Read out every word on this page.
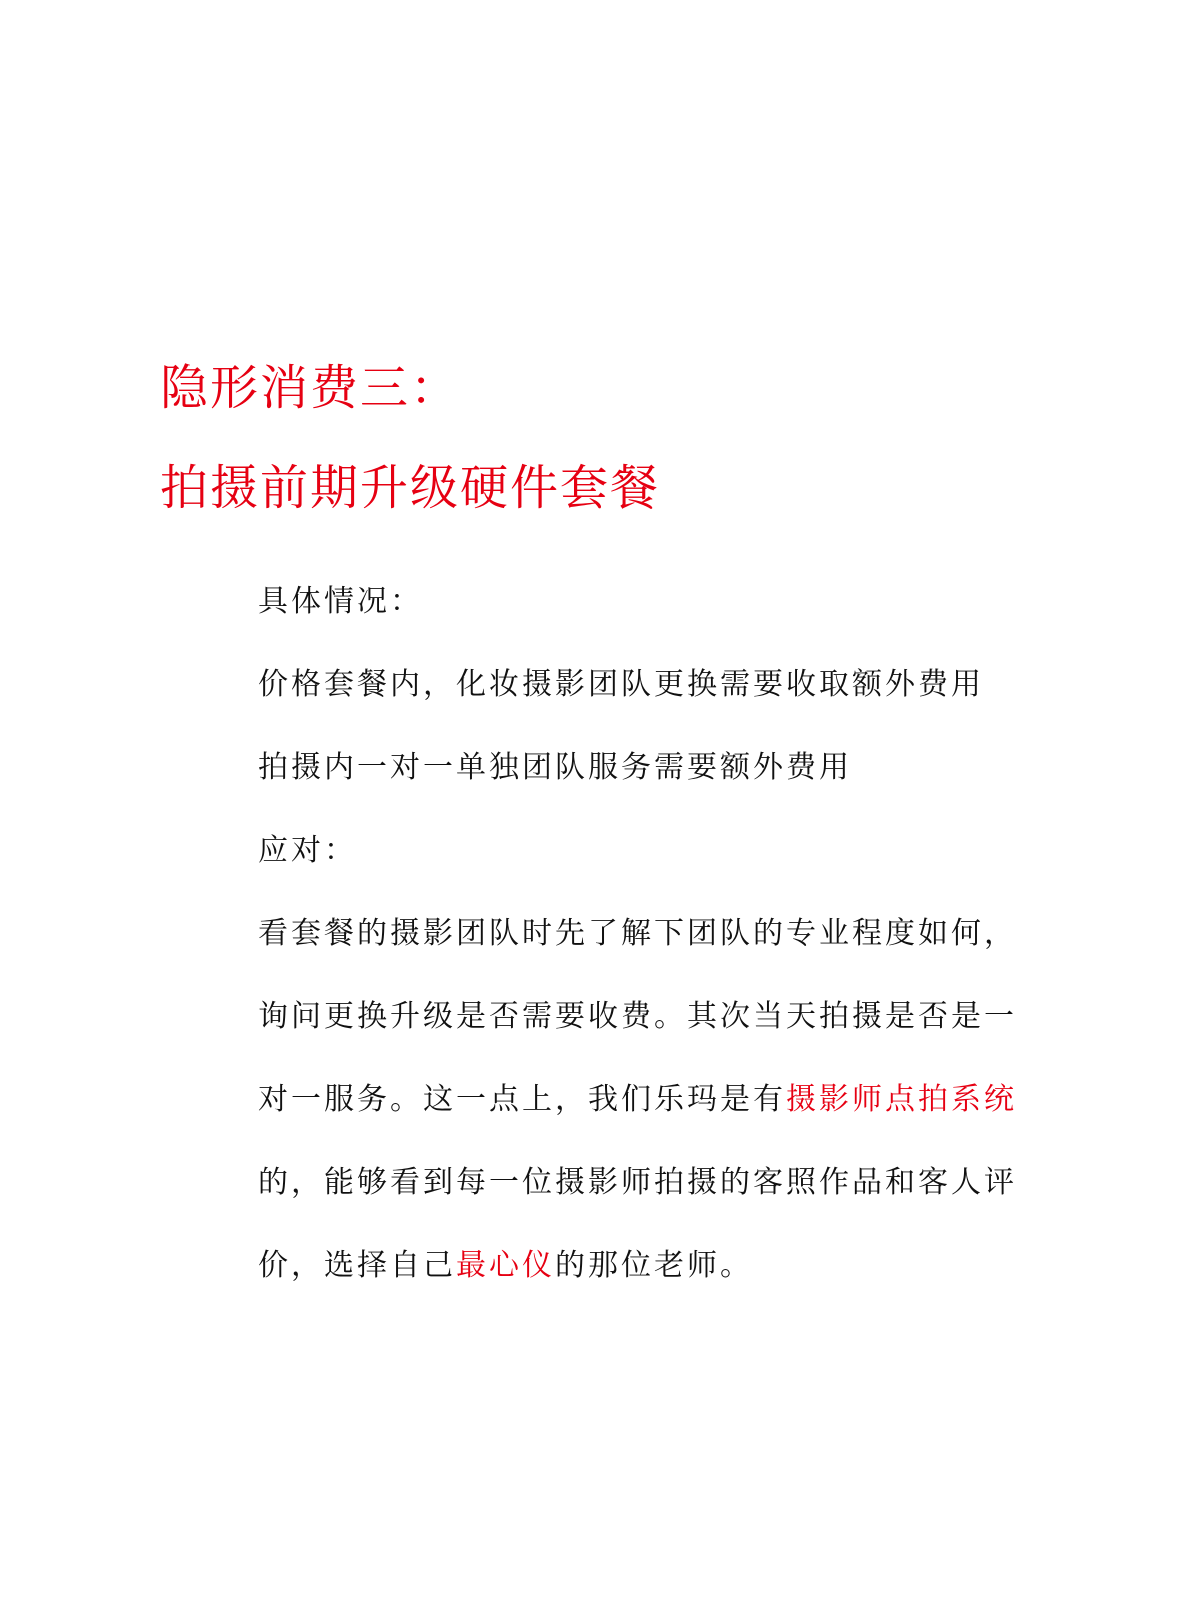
隐形消费三：
拍摄前期升级硬件套餐

具体情况：

价格套餐内，化妆摄影团队更换需要收取额外费用

拍摄内一对一单独团队服务需要额外费用

应对：

看套餐的摄影团队时先了解下团队的专业程度如何，

询问更换升级是否需要收费。其次当天拍摄是否是一

对一服务。这一点上，我们乐玛是有摄影师点拍系统

的，能够看到每一位摄影师拍摄的客照作品和客人评

价，选择自己最心仪的那位老师。
